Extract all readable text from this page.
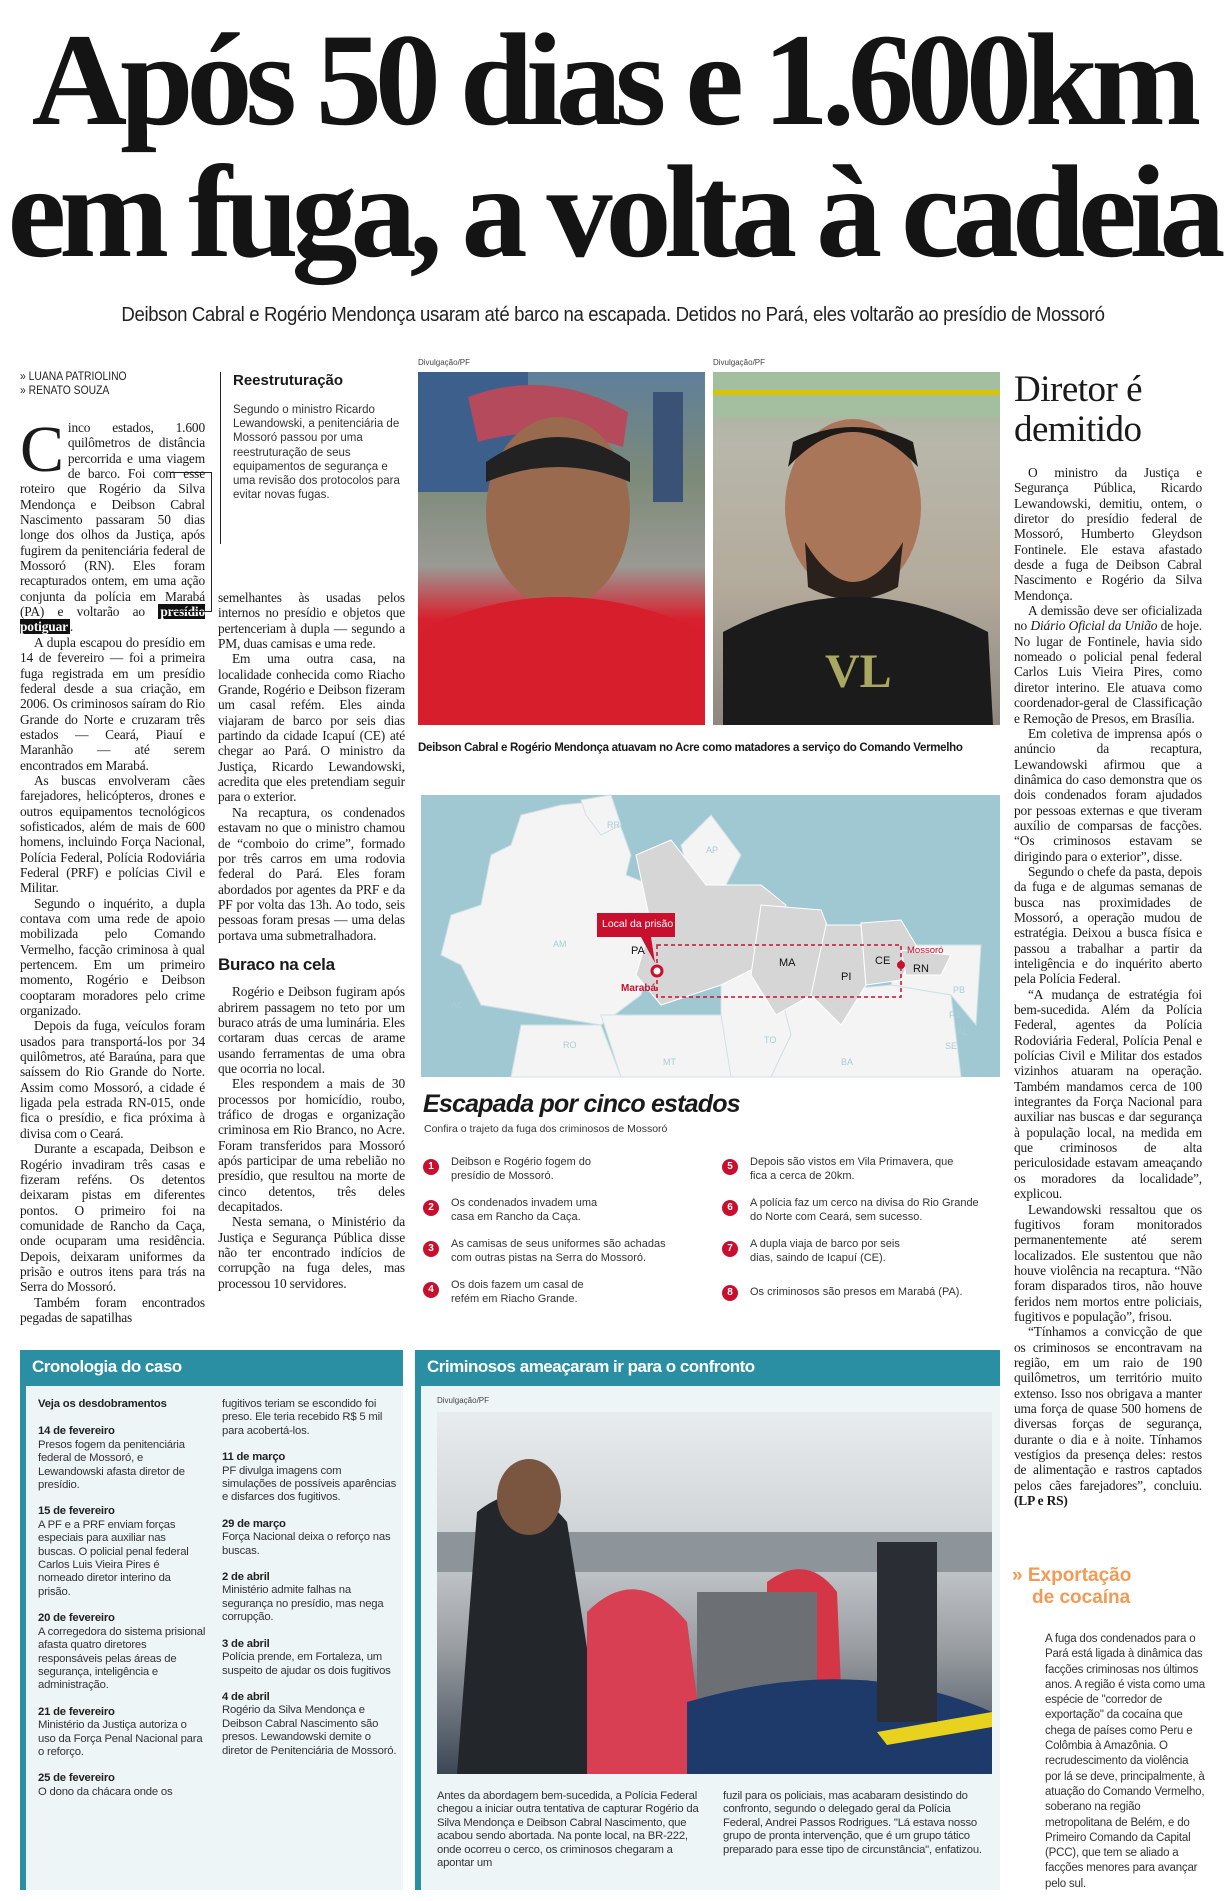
Após 50 dias e 1.600km
em fuga, a volta à cadeia
Deibson Cabral e Rogério Mendonça usaram até barco na escapada. Detidos no Pará, eles voltarão ao presídio de Mossoró
» LUANA PATRIOLINO
» RENATO SOUZA

Cinco estados, 1.600 quilômetros de distância percorrida e uma viagem de barco. Foi com esse roteiro que Rogério da Silva Mendonça e Deibson Cabral Nascimento passaram 50 dias longe dos olhos da Justiça, após fugirem da penitenciária federal de Mossoró (RN). Eles foram recapturados ontem, em uma ação conjunta da polícia em Marabá (PA) e voltarão ao presídio potiguar .

A dupla escapou do presídio em 14 de fevereiro — foi a primeira fuga registrada em um presídio federal desde a sua criação, em 2006. Os criminosos saíram do Rio Grande do Norte e cruzaram três estados — Ceará, Piauí e Maranhão — até serem encontrados em Marabá.

As buscas envolveram cães farejadores, helicópteros, drones e outros equipamentos tecnológicos sofisticados, além de mais de 600 homens, incluindo Força Nacional, Polícia Federal, Polícia Rodoviária Federal (PRF) e polícias Civil e Militar.

Segundo o inquérito, a dupla contava com uma rede de apoio mobilizada pelo Comando Vermelho, facção criminosa à qual pertencem. Em um primeiro momento, Rogério e Deibson cooptaram moradores pelo crime organizado.

Depois da fuga, veículos foram usados para transportá-los por 34 quilômetros, até Baraúna, para que saíssem do Rio Grande do Norte. Assim como Mossoró, a cidade é ligada pela estrada RN-015, onde fica o presídio, e fica próxima à divisa com o Ceará.

Durante a escapada, Deibson e Rogério invadiram três casas e fizeram reféns. Os detentos deixaram pistas em diferentes pontos. O primeiro foi na comunidade de Rancho da Caça, onde ocuparam uma residência. Depois, deixaram uniformes da prisão e outros itens para trás na Serra do Mossoró.

Também foram encontrados pegadas de sapatilhas

Reestruturação

Segundo o ministro Ricardo Lewandowski, a penitenciária de Mossoró passou por uma reestruturação de seus equipamentos de segurança e uma revisão dos protocolos para evitar novas fugas.

semelhantes às usadas pelos internos no presídio e objetos que pertenceriam à dupla — segundo a PM, duas camisas e uma rede.

Em uma outra casa, na localidade conhecida como Riacho Grande, Rogério e Deibson fizeram um casal refém. Eles ainda viajaram de barco por seis dias partindo da cidade Icapuí (CE) até chegar ao Pará. O ministro da Justiça, Ricardo Lewandowski, acredita que eles pretendiam seguir para o exterior.

Na recaptura, os condenados estavam no que o ministro chamou de “comboio do crime”, formado por três carros em uma rodovia federal do Pará. Eles foram abordados por agentes da PRF e da PF por volta das 13h. Ao todo, seis pessoas foram presas — uma delas portava uma submetralhadora.

Buraco na cela

Rogério e Deibson fugiram após abrirem passagem no teto por um buraco atrás de uma luminária. Eles cortaram duas cercas de arame usando ferramentas de uma obra que ocorria no local.

Eles respondem a mais de 30 processos por homicídio, roubo, tráfico de drogas e organização criminosa em Rio Branco, no Acre. Foram transferidos para Mossoró após participar de uma rebelião no presídio, que resultou na morte de cinco detentos, três deles decapitados.

Nesta semana, o Ministério da Justiça e Segurança Pública disse não ter encontrado indícios de corrupção na fuga deles, mas processou 10 servidores.

Divulgação/PF	Divulgação/PF
VL
Deibson Cabral e Rogério Mendonça atuavam no Acre como matadores a serviço do Comando Vermelho
Local da prisão
Marabá
Mossoró
RR
AP
AM
PA
MA
PI
CE
RN
PB
PB
AL
SE
AC
RO
MT
TO
BA
Escapada por cinco estados
Confira o trajeto da fuga dos criminosos de Mossoró
1	Deibson e Rogério fogem do presídio de Mossoró.
2	Os condenados invadem uma casa em Rancho da Caça.
3	As camisas de seus uniformes são achadas com outras pistas na Serra do Mossoró.
4	Os dois fazem um casal de refém em Riacho Grande.
5	Depois são vistos em Vila Primavera, que fica a cerca de 20km.
6	A polícia faz um cerco na divisa do Rio Grande do Norte com Ceará, sem sucesso.
7	A dupla viaja de barco por seis dias, saindo de Icapuí (CE).
8	Os criminosos são presos em Marabá (PA).
Diretor é
demitido

O ministro da Justiça e Segurança Pública, Ricardo Lewandowski, demitiu, ontem, o diretor do presídio federal de Mossoró, Humberto Gleydson Fontinele. Ele estava afastado desde a fuga de Deibson Cabral Nascimento e Rogério da Silva Mendonça.

A demissão deve ser oficializada no Diário Oficial da União de hoje. No lugar de Fontinele, havia sido nomeado o policial penal federal Carlos Luis Vieira Pires, como diretor interino. Ele atuava como coordenador-geral de Classificação e Remoção de Presos, em Brasília.

Em coletiva de imprensa após o anúncio da recaptura, Lewandowski afirmou que a dinâmica do caso demonstra que os dois condenados foram ajudados por pessoas externas e que tiveram auxílio de comparsas de facções. “Os criminosos estavam se dirigindo para o exterior”, disse.

Segundo o chefe da pasta, depois da fuga e de algumas semanas de busca nas proximidades de Mossoró, a operação mudou de estratégia. Deixou a busca física e passou a trabalhar a partir da inteligência e do inquérito aberto pela Polícia Federal.

“A mudança de estratégia foi bem-sucedida. Além da Polícia Federal, agentes da Polícia Rodoviária Federal, Polícia Penal e polícias Civil e Militar dos estados vizinhos atuaram na operação. Também mandamos cerca de 100 integrantes da Força Nacional para auxiliar nas buscas e dar segurança à população local, na medida em que criminosos de alta periculosidade estavam ameaçando os moradores da localidade”, explicou.

Lewandowski ressaltou que os fugitivos foram monitorados permanentemente até serem localizados. Ele sustentou que não houve violência na recaptura. “Não foram disparados tiros, não houve feridos nem mortos entre policiais, fugitivos e população”, frisou.

“Tínhamos a convicção de que os criminosos se encontravam na região, em um raio de 190 quilômetros, um território muito extenso. Isso nos obrigava a manter uma força de quase 500 homens de diversas forças de segurança, durante o dia e à noite. Tínhamos vestígios da presença deles: restos de alimentação e rastros captados pelos cães farejadores”, concluiu. (LP e RS)

» Exportação
de cocaína
A fuga dos condenados para o Pará está ligada à dinâmica das facções criminosas nos últimos anos. A região é vista como uma espécie de "corredor de exportação" da cocaína que chega de países como Peru e Colômbia à Amazônia. O recrudescimento da violência por lá se deve, principalmente, à atuação do Comando Vermelho, soberano na região metropolitana de Belém, e do Primeiro Comando da Capital (PCC), que tem se aliado a facções menores para avançar pelo sul.
Cronologia do caso
Veja os desdobramentos
14 de fevereiro
Presos fogem da penitenciária federal de Mossoró, e Lewandowski afasta diretor de presídio.
15 de fevereiro
A PF e a PRF enviam forças especiais para auxiliar nas buscas. O policial penal federal Carlos Luis Vieira Pires é nomeado diretor interino da prisão.
20 de fevereiro
A corregedora do sistema prisional afasta quatro diretores responsáveis pelas áreas de segurança, inteligência e administração.
21 de fevereiro
Ministério da Justiça autoriza o uso da Força Penal Nacional para o reforço.
25 de fevereiro
O dono da chácara onde os
fugitivos teriam se escondido foi preso. Ele teria recebido R$ 5 mil para acobertá-los.
11 de março
PF divulga imagens com simulações de possíveis aparências e disfarces dos fugitivos.
29 de março
Força Nacional deixa o reforço nas buscas.
2 de abril
Ministério admite falhas na segurança no presídio, mas nega corrupção.
3 de abril
Polícia prende, em Fortaleza, um suspeito de ajudar os dois fugitivos
4 de abril
Rogério da Silva Mendonça e Deibson Cabral Nascimento são presos. Lewandowski demite o diretor de Penitenciária de Mossoró.
Criminosos ameaçaram ir para o confronto
Divulgação/PF
Antes da abordagem bem-sucedida, a Polícia Federal chegou a iniciar outra tentativa de capturar Rogério da Silva Mendonça e Deibson Cabral Nascimento, que acabou sendo abortada. Na ponte local, na BR-222, onde ocorreu o cerco, os criminosos chegaram a apontar um
fuzil para os policiais, mas acabaram desistindo do confronto, segundo o delegado geral da Polícia Federal, Andrei Passos Rodrigues. "Lá estava nosso grupo de pronta intervenção, que é um grupo tático preparado para esse tipo de circunstância", enfatizou.
